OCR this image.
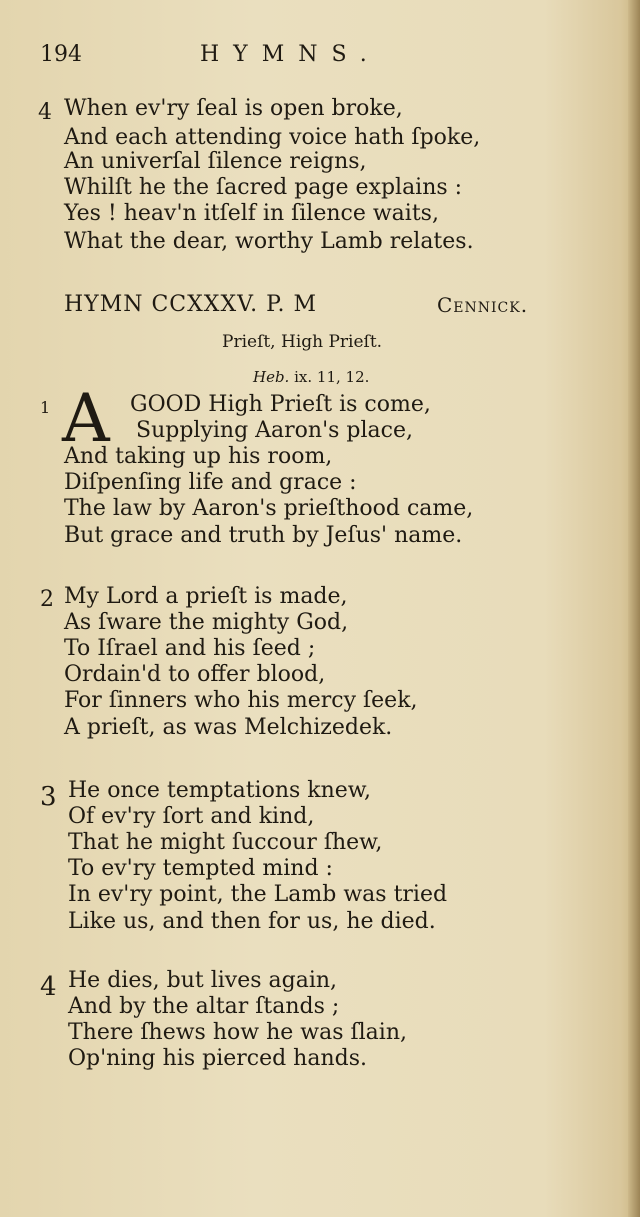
194	HYMNS.
4 When ev'ry ſeal is open broke,
And each attending voice hath ſpoke,
An univerſal ſilence reigns,
Whilſt he the ſacred page explains :
Yes ! heav'n itſelf in ſilence waits,
What the dear, worthy Lamb relates.
HYMN CCXXXV. P. M	Cennick.
Prieſt, High Prieſt.
Heb. ix. 11, 12.
1 A GOOD High Prieſt is come,
Supplying Aaron's place,
And taking up his room,
Diſpenſing life and grace :
The law by Aaron's prieſthood came,
But grace and truth by Jeſus' name.
2 My Lord a prieſt is made,
As ſware the mighty God,
To Iſrael and his ſeed ;
Ordain'd to offer blood,
For ſinners who his mercy ſeek,
A prieſt, as was Melchizedek.
3 He once temptations knew,
Of ev'ry ſort and kind,
That he might ſuccour ſhew,
To ev'ry tempted mind :
In ev'ry point, the Lamb was tried
Like us, and then for us, he died.
4 He dies, but lives again,
And by the altar ſtands ;
There ſhews how he was ſlain,
Op'ning his pierced hands.
